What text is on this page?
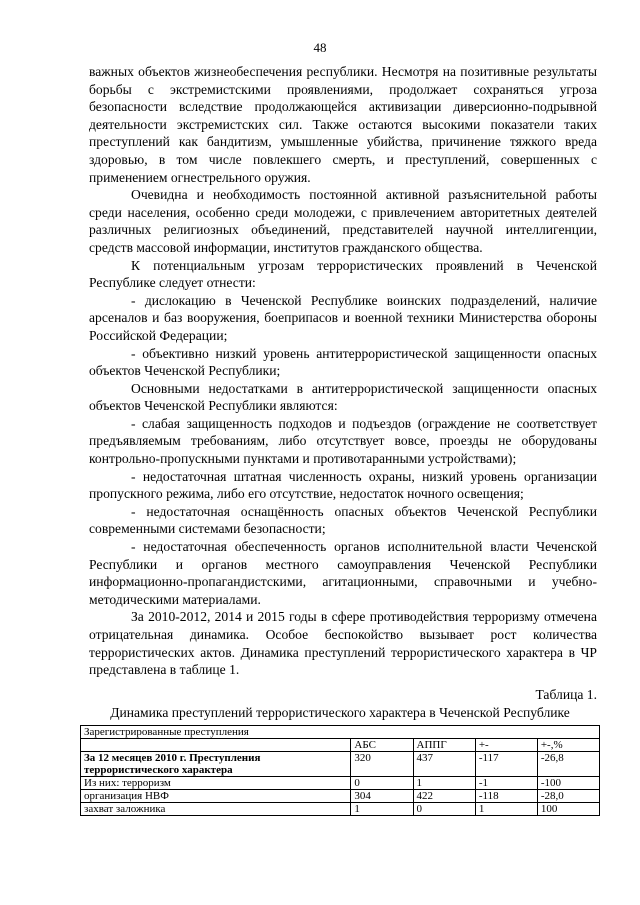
48

важных объектов жизнеобеспечения республики. Несмотря на позитивные результаты борьбы с экстремистскими проявлениями, продолжает сохраняться угроза безопасности вследствие продолжающейся активизации диверсионно-подрывной деятельности экстремистских сил. Также остаются высокими показатели таких преступлений как бандитизм, умышленные убийства, причинение тяжкого вреда здоровью, в том числе повлекшего смерть, и преступлений, совершенных с применением огнестрельного оружия.

Очевидна и необходимость постоянной активной разъяснительной работы среди населения, особенно среди молодежи, с привлечением авторитетных деятелей различных религиозных объединений, представителей научной интеллигенции, средств массовой информации, институтов гражданского общества.

К потенциальным угрозам террористических проявлений в Чеченской Республике следует отнести:

- дислокацию в Чеченской Республике воинских подразделений, наличие арсеналов и баз вооружения, боеприпасов и военной техники Министерства обороны Российской Федерации;

- объективно низкий уровень антитеррористической защищенности опасных объектов Чеченской Республики;

Основными недостатками в антитеррористической защищенности опасных объектов Чеченской Республики являются:

- слабая защищенность подходов и подъездов (ограждение не соответствует предъявляемым требованиям, либо отсутствует вовсе, проезды не оборудованы контрольно-пропускными пунктами и противотаранными устройствами);

- недостаточная штатная численность охраны, низкий уровень организации пропускного режима, либо его отсутствие, недостаток ночного освещения;

- недостаточная оснащённость опасных объектов Чеченской Республики современными системами безопасности;

- недостаточная обеспеченность органов исполнительной власти Чеченской Республики и органов местного самоуправления Чеченской Республики информационно-пропагандистскими, агитационными, справочными и учебно-методическими материалами.

За 2010-2012, 2014 и 2015 годы в сфере противодействия терроризму отмечена отрицательная динамика. Особое беспокойство вызывает рост количества террористических актов. Динамика преступлений террористического характера в ЧР представлена в таблице 1.

Таблица 1.
Динамика преступлений террористического характера в Чеченской Республике
Зарегистрированные преступления				
	АБС	АППГ	+-	+-,%
За 12 месяцев 2010 г. Преступления террористического характера	320	437	-117	-26,8
Из них: терроризм	0	1	-1	-100
организация НВФ	304	422	-118	-28,0
захват заложника	1	0	1	100
